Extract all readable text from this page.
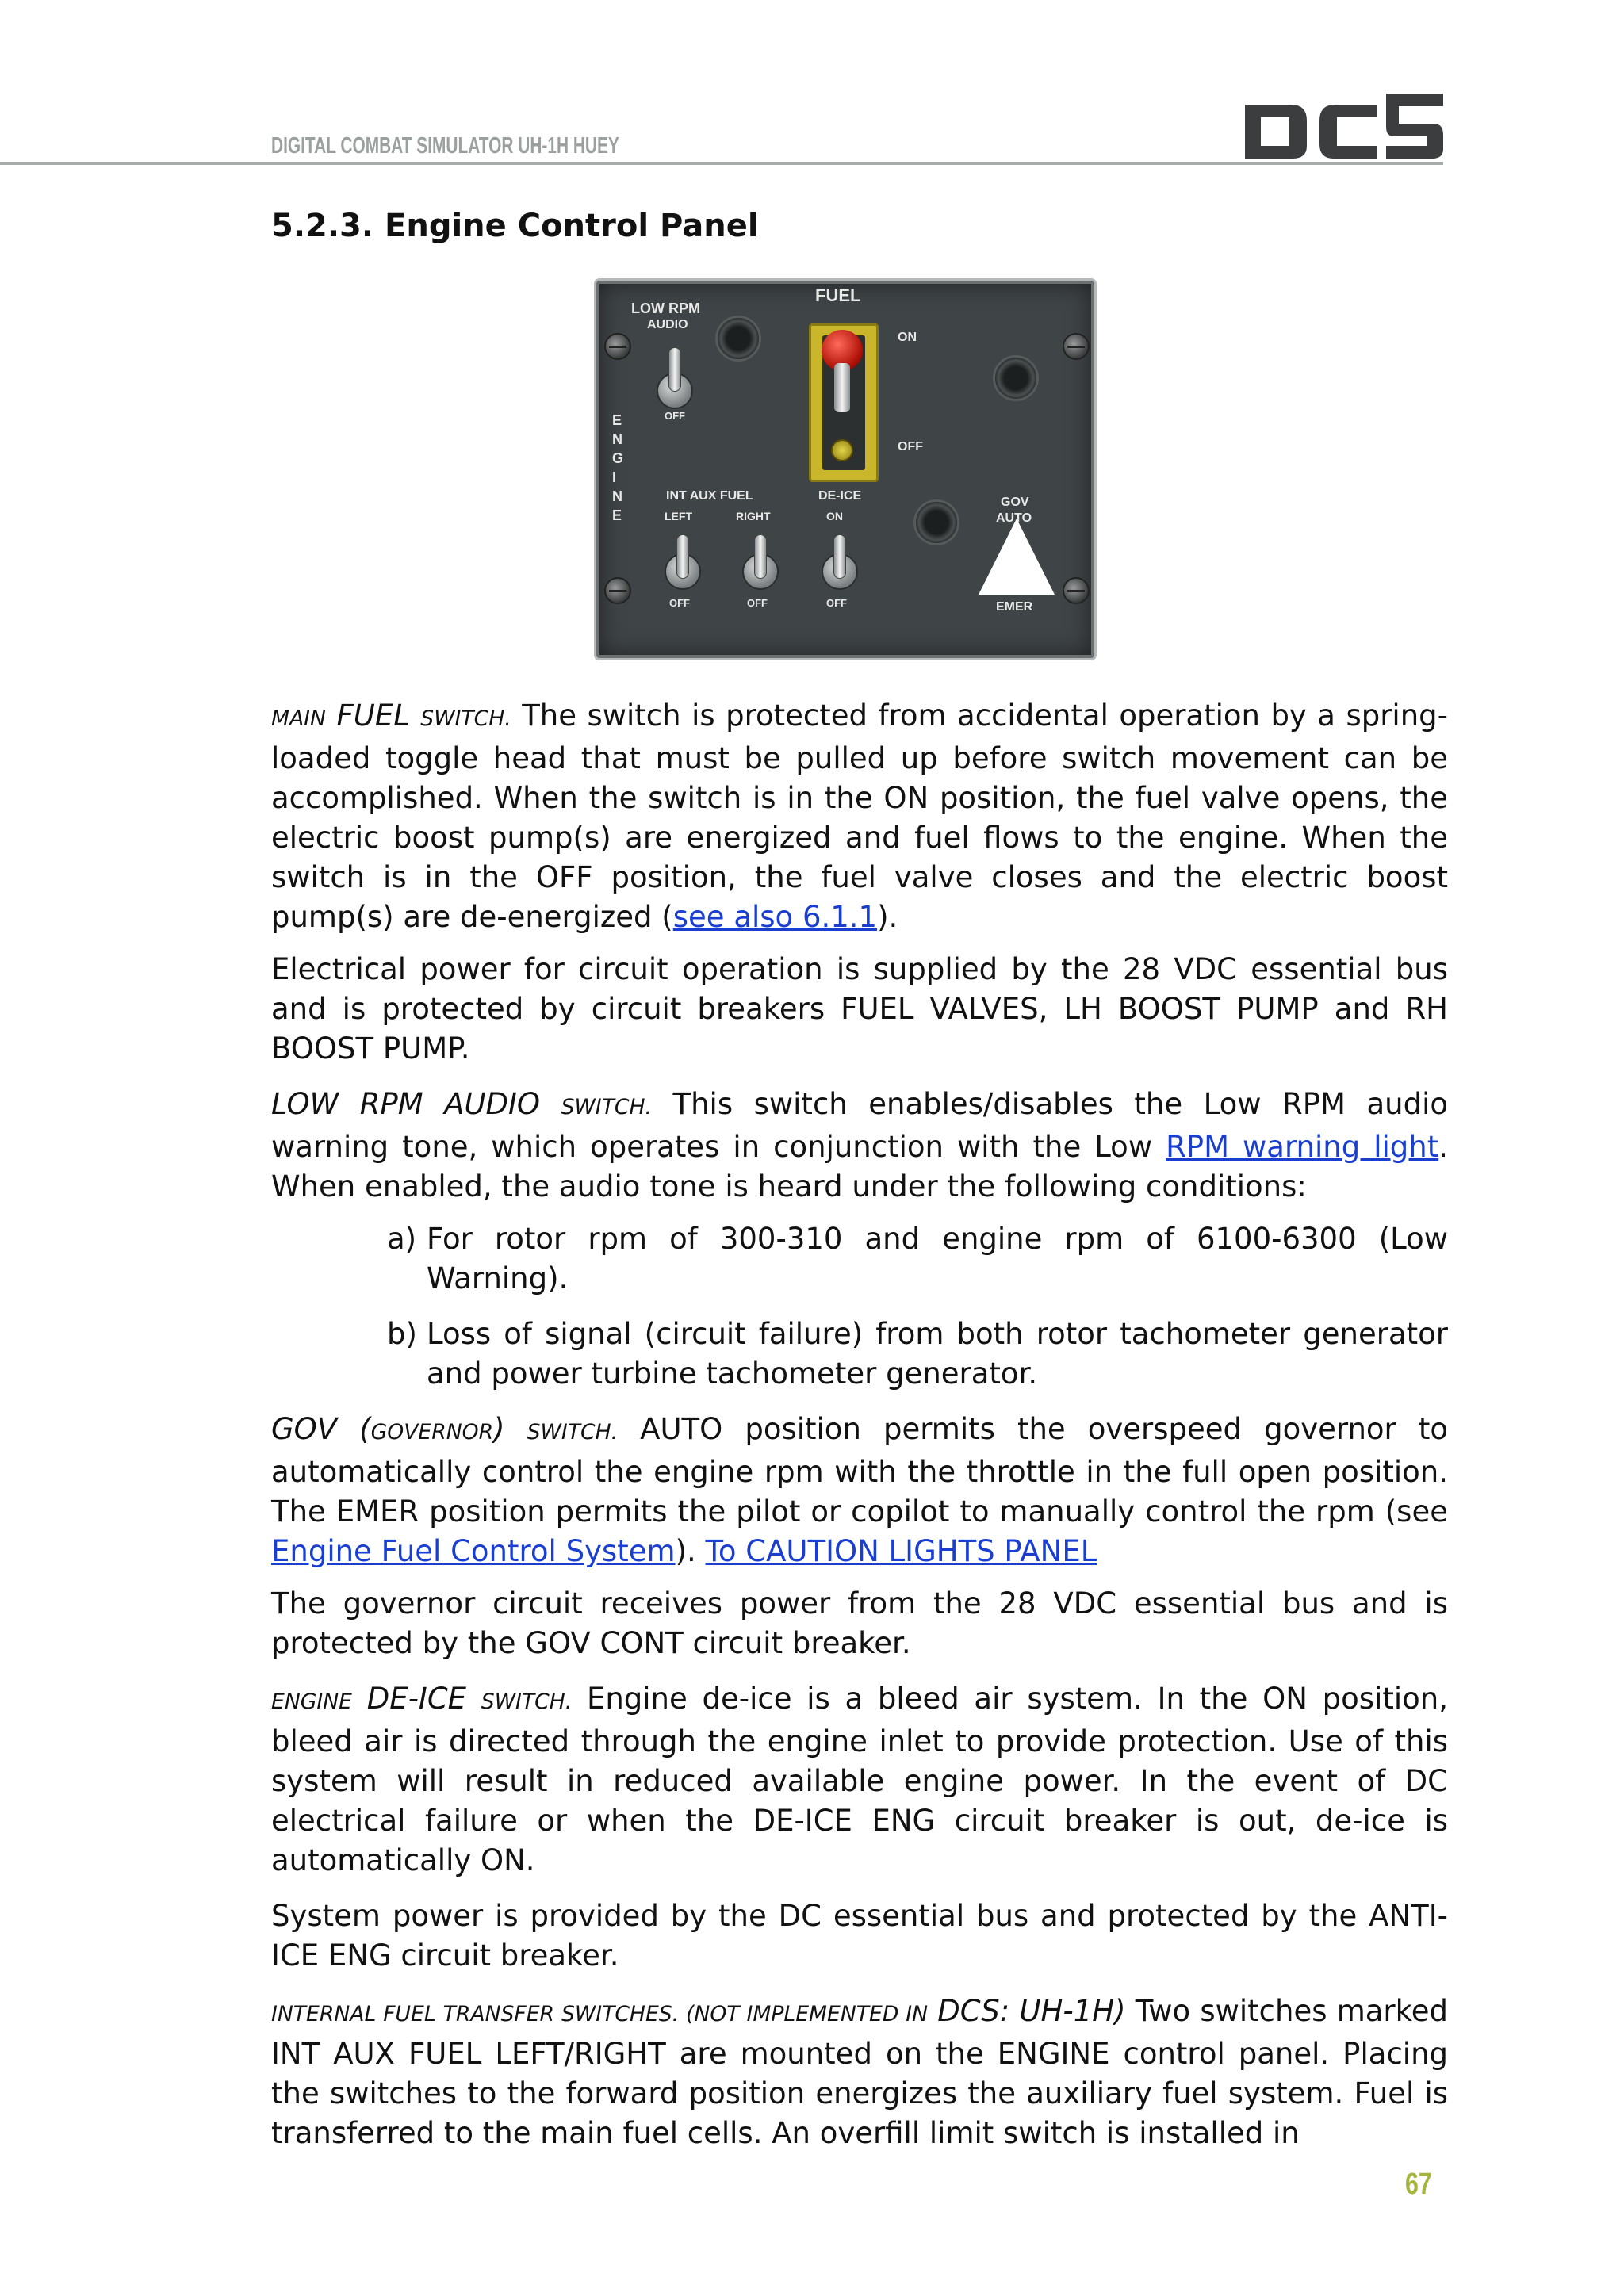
DIGITAL COMBAT SIMULATOR UH-1H HUEY
5.2.3. Engine Control Panel
LOW RPM
AUDIO
FUEL
ON
OFF
ENGINE
INT AUX FUEL
LEFT	RIGHT
DE-ICE
ON
GOV
AUTO
EMER
OFF
OFF	OFF	OFF
MAIN FUEL SWITCH. The switch is protected from accidental operation by a spring-loaded toggle head that must be pulled up before switch movement can be accomplished. When the switch is in the ON position, the fuel valve opens, the electric boost pump(s) are energized and fuel flows to the engine. When the switch is in the OFF position, the fuel valve closes and the electric boost pump(s) are de-energized (see also 6.1.1).
Electrical power for circuit operation is supplied by the 28 VDC essential bus and is protected by circuit breakers FUEL VALVES, LH BOOST PUMP and RH BOOST PUMP.
LOW RPM AUDIO SWITCH. This switch enables/disables the Low RPM audio warning tone, which operates in conjunction with the Low RPM warning light. When enabled, the audio tone is heard under the following conditions:
a) For rotor rpm of 300-310 and engine rpm of 6100-6300 (Low Warning).
b) Loss of signal (circuit failure) from both rotor tachometer generator and power turbine tachometer generator.
GOV (GOVERNOR) SWITCH. AUTO position permits the overspeed governor to automatically control the engine rpm with the throttle in the full open position. The EMER position permits the pilot or copilot to manually control the rpm (see Engine Fuel Control System). To CAUTION LIGHTS PANEL
The governor circuit receives power from the 28 VDC essential bus and is protected by the GOV CONT circuit breaker.
ENGINE DE-ICE SWITCH. Engine de-ice is a bleed air system. In the ON position, bleed air is directed through the engine inlet to provide protection. Use of this system will result in reduced available engine power. In the event of DC electrical failure or when the DE-ICE ENG circuit breaker is out, de-ice is automatically ON.
System power is provided by the DC essential bus and protected by the ANTI-ICE ENG circuit breaker.
INTERNAL FUEL TRANSFER SWITCHES. (NOT IMPLEMENTED IN DCS: UH-1H) Two switches marked INT AUX FUEL LEFT/RIGHT are mounted on the ENGINE control panel. Placing the switches to the forward position energizes the auxiliary fuel system. Fuel is transferred to the main fuel cells. An overfill limit switch is installed in
67
